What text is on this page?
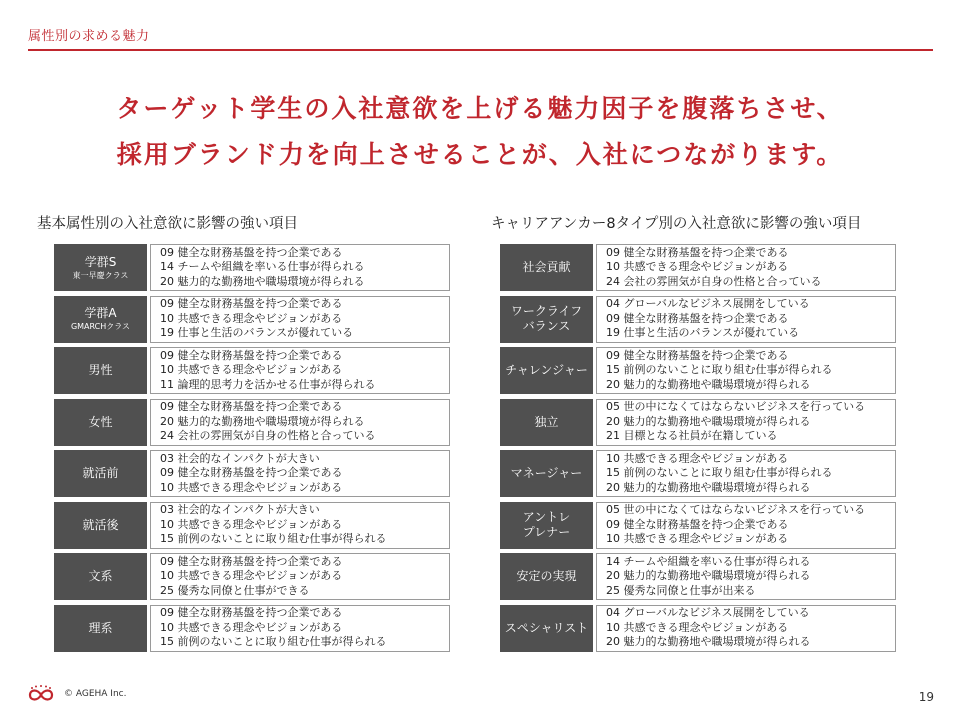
属性別の求める魅力
ターゲット学生の入社意欲を上げる魅力因子を腹落ちさせ、
採用ブランド力を向上させることが、入社につながります。
基本属性別の入社意欲に影響の強い項目	キャリアアンカー8タイプ別の入社意欲に影響の強い項目
学群S
東一早慶クラス
09 健全な財務基盤を持つ企業である
14 チームや組織を率いる仕事が得られる
20 魅力的な勤務地や職場環境が得られる
学群A
GMARCHクラス
09 健全な財務基盤を持つ企業である
10 共感できる理念やビジョンがある
19 仕事と生活のバランスが優れている
男性
09 健全な財務基盤を持つ企業である
10 共感できる理念やビジョンがある
11 論理的思考力を活かせる仕事が得られる
女性
09 健全な財務基盤を持つ企業である
20 魅力的な勤務地や職場環境が得られる
24 会社の雰囲気が自身の性格と合っている
就活前
03 社会的なインパクトが大きい
09 健全な財務基盤を持つ企業である
10 共感できる理念やビジョンがある
就活後
03 社会的なインパクトが大きい
10 共感できる理念やビジョンがある
15 前例のないことに取り組む仕事が得られる
文系
09 健全な財務基盤を持つ企業である
10 共感できる理念やビジョンがある
25 優秀な同僚と仕事ができる
理系
09 健全な財務基盤を持つ企業である
10 共感できる理念やビジョンがある
15 前例のないことに取り組む仕事が得られる
社会貢献
09 健全な財務基盤を持つ企業である
10 共感できる理念やビジョンがある
24 会社の雰囲気が自身の性格と合っている
ワークライフ
バランス
04 グローバルなビジネス展開をしている
09 健全な財務基盤を持つ企業である
19 仕事と生活のバランスが優れている
チャレンジャー
09 健全な財務基盤を持つ企業である
15 前例のないことに取り組む仕事が得られる
20 魅力的な勤務地や職場環境が得られる
独立
05 世の中になくてはならないビジネスを行っている
20 魅力的な勤務地や職場環境が得られる
21 目標となる社員が在籍している
マネージャー
10 共感できる理念やビジョンがある
15 前例のないことに取り組む仕事が得られる
20 魅力的な勤務地や職場環境が得られる
アントレ
プレナー
05 世の中になくてはならないビジネスを行っている
09 健全な財務基盤を持つ企業である
10 共感できる理念やビジョンがある
安定の実現
14 チームや組織を率いる仕事が得られる
20 魅力的な勤務地や職場環境が得られる
25 優秀な同僚と仕事が出来る
スペシャリスト
04 グローバルなビジネス展開をしている
10 共感できる理念やビジョンがある
20 魅力的な勤務地や職場環境が得られる
© AGEHA Inc.	19
